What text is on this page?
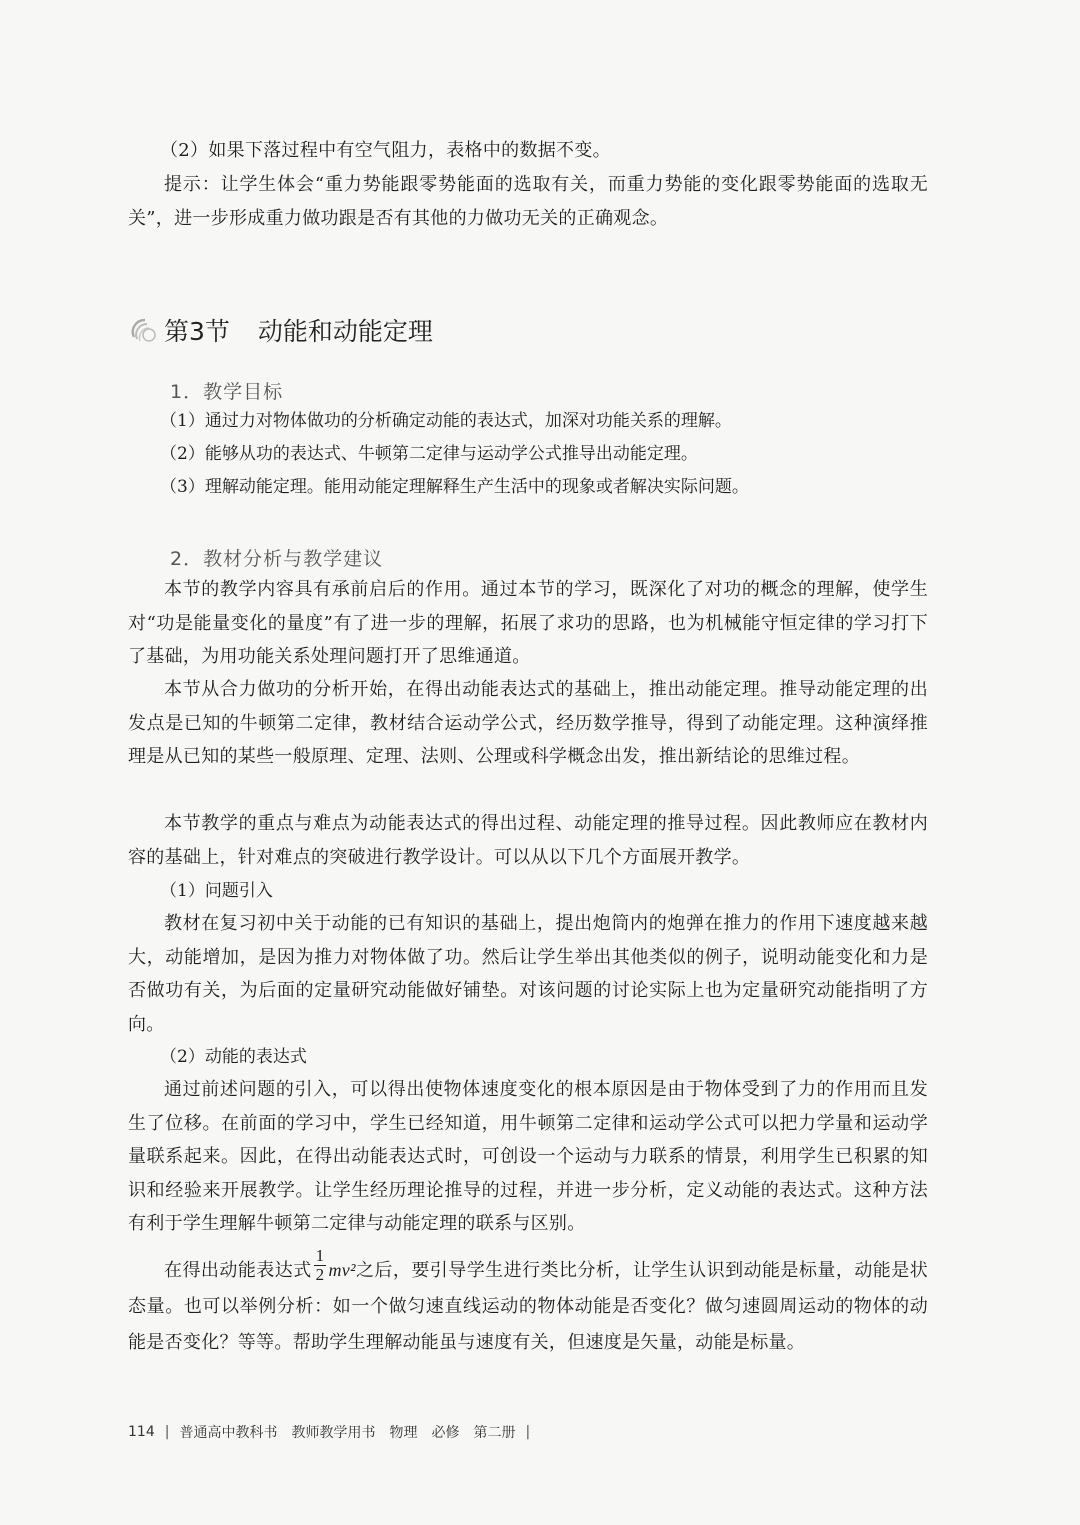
（2）如果下落过程中有空气阻力，表格中的数据不变。

提示：让学生体会“重力势能跟零势能面的选取有关，而重力势能的变化跟零势能面的选取无关”，进一步形成重力做功跟是否有其他的力做功无关的正确观念。

第3节 动能和动能定理
1．教学目标

（1）通过力对物体做功的分析确定动能的表达式，加深对功能关系的理解。

（2）能够从功的表达式、牛顿第二定律与运动学公式推导出动能定理。

（3）理解动能定理。能用动能定理解释生产生活中的现象或者解决实际问题。

2．教材分析与教学建议

本节的教学内容具有承前启后的作用。通过本节的学习，既深化了对功的概念的理解，使学生对“功是能量变化的量度”有了进一步的理解，拓展了求功的思路，也为机械能守恒定律的学习打下了基础，为用功能关系处理问题打开了思维通道。

本节从合力做功的分析开始，在得出动能表达式的基础上，推出动能定理。推导动能定理的出发点是已知的牛顿第二定律，教材结合运动学公式，经历数学推导，得到了动能定理。这种演绎推理是从已知的某些一般原理、定理、法则、公理或科学概念出发，推出新结论的思维过程。

本节教学的重点与难点为动能表达式的得出过程、动能定理的推导过程。因此教师应在教材内容的基础上，针对难点的突破进行教学设计。可以从以下几个方面展开教学。

（1）问题引入

教材在复习初中关于动能的已有知识的基础上，提出炮筒内的炮弹在推力的作用下速度越来越大，动能增加，是因为推力对物体做了功。然后让学生举出其他类似的例子，说明动能变化和力是否做功有关，为后面的定量研究动能做好铺垫。对该问题的讨论实际上也为定量研究动能指明了方向。

（2）动能的表达式

通过前述问题的引入，可以得出使物体速度变化的根本原因是由于物体受到了力的作用而且发生了位移。在前面的学习中，学生已经知道，用牛顿第二定律和运动学公式可以把力学量和运动学量联系起来。因此，在得出动能表达式时，可创设一个运动与力联系的情景，利用学生已积累的知识和经验来开展教学。让学生经历理论推导的过程，并进一步分析，定义动能的表达式。这种方法有利于学生理解牛顿第二定律与动能定理的联系与区别。

在得出动能表达式 $\frac{1}{2} mv^2$之后，要引导学生进行类比分析，让学生认识到动能是标量，动能是状态量。也可以举例分析：如一个做匀速直线运动的物体动能是否变化？做匀速圆周运动的物体的动能是否变化？等等。帮助学生理解动能虽与速度有关，但速度是矢量，动能是标量。

114 | 普通高中教科书 教师教学用书 物理 必修 第二册 |
